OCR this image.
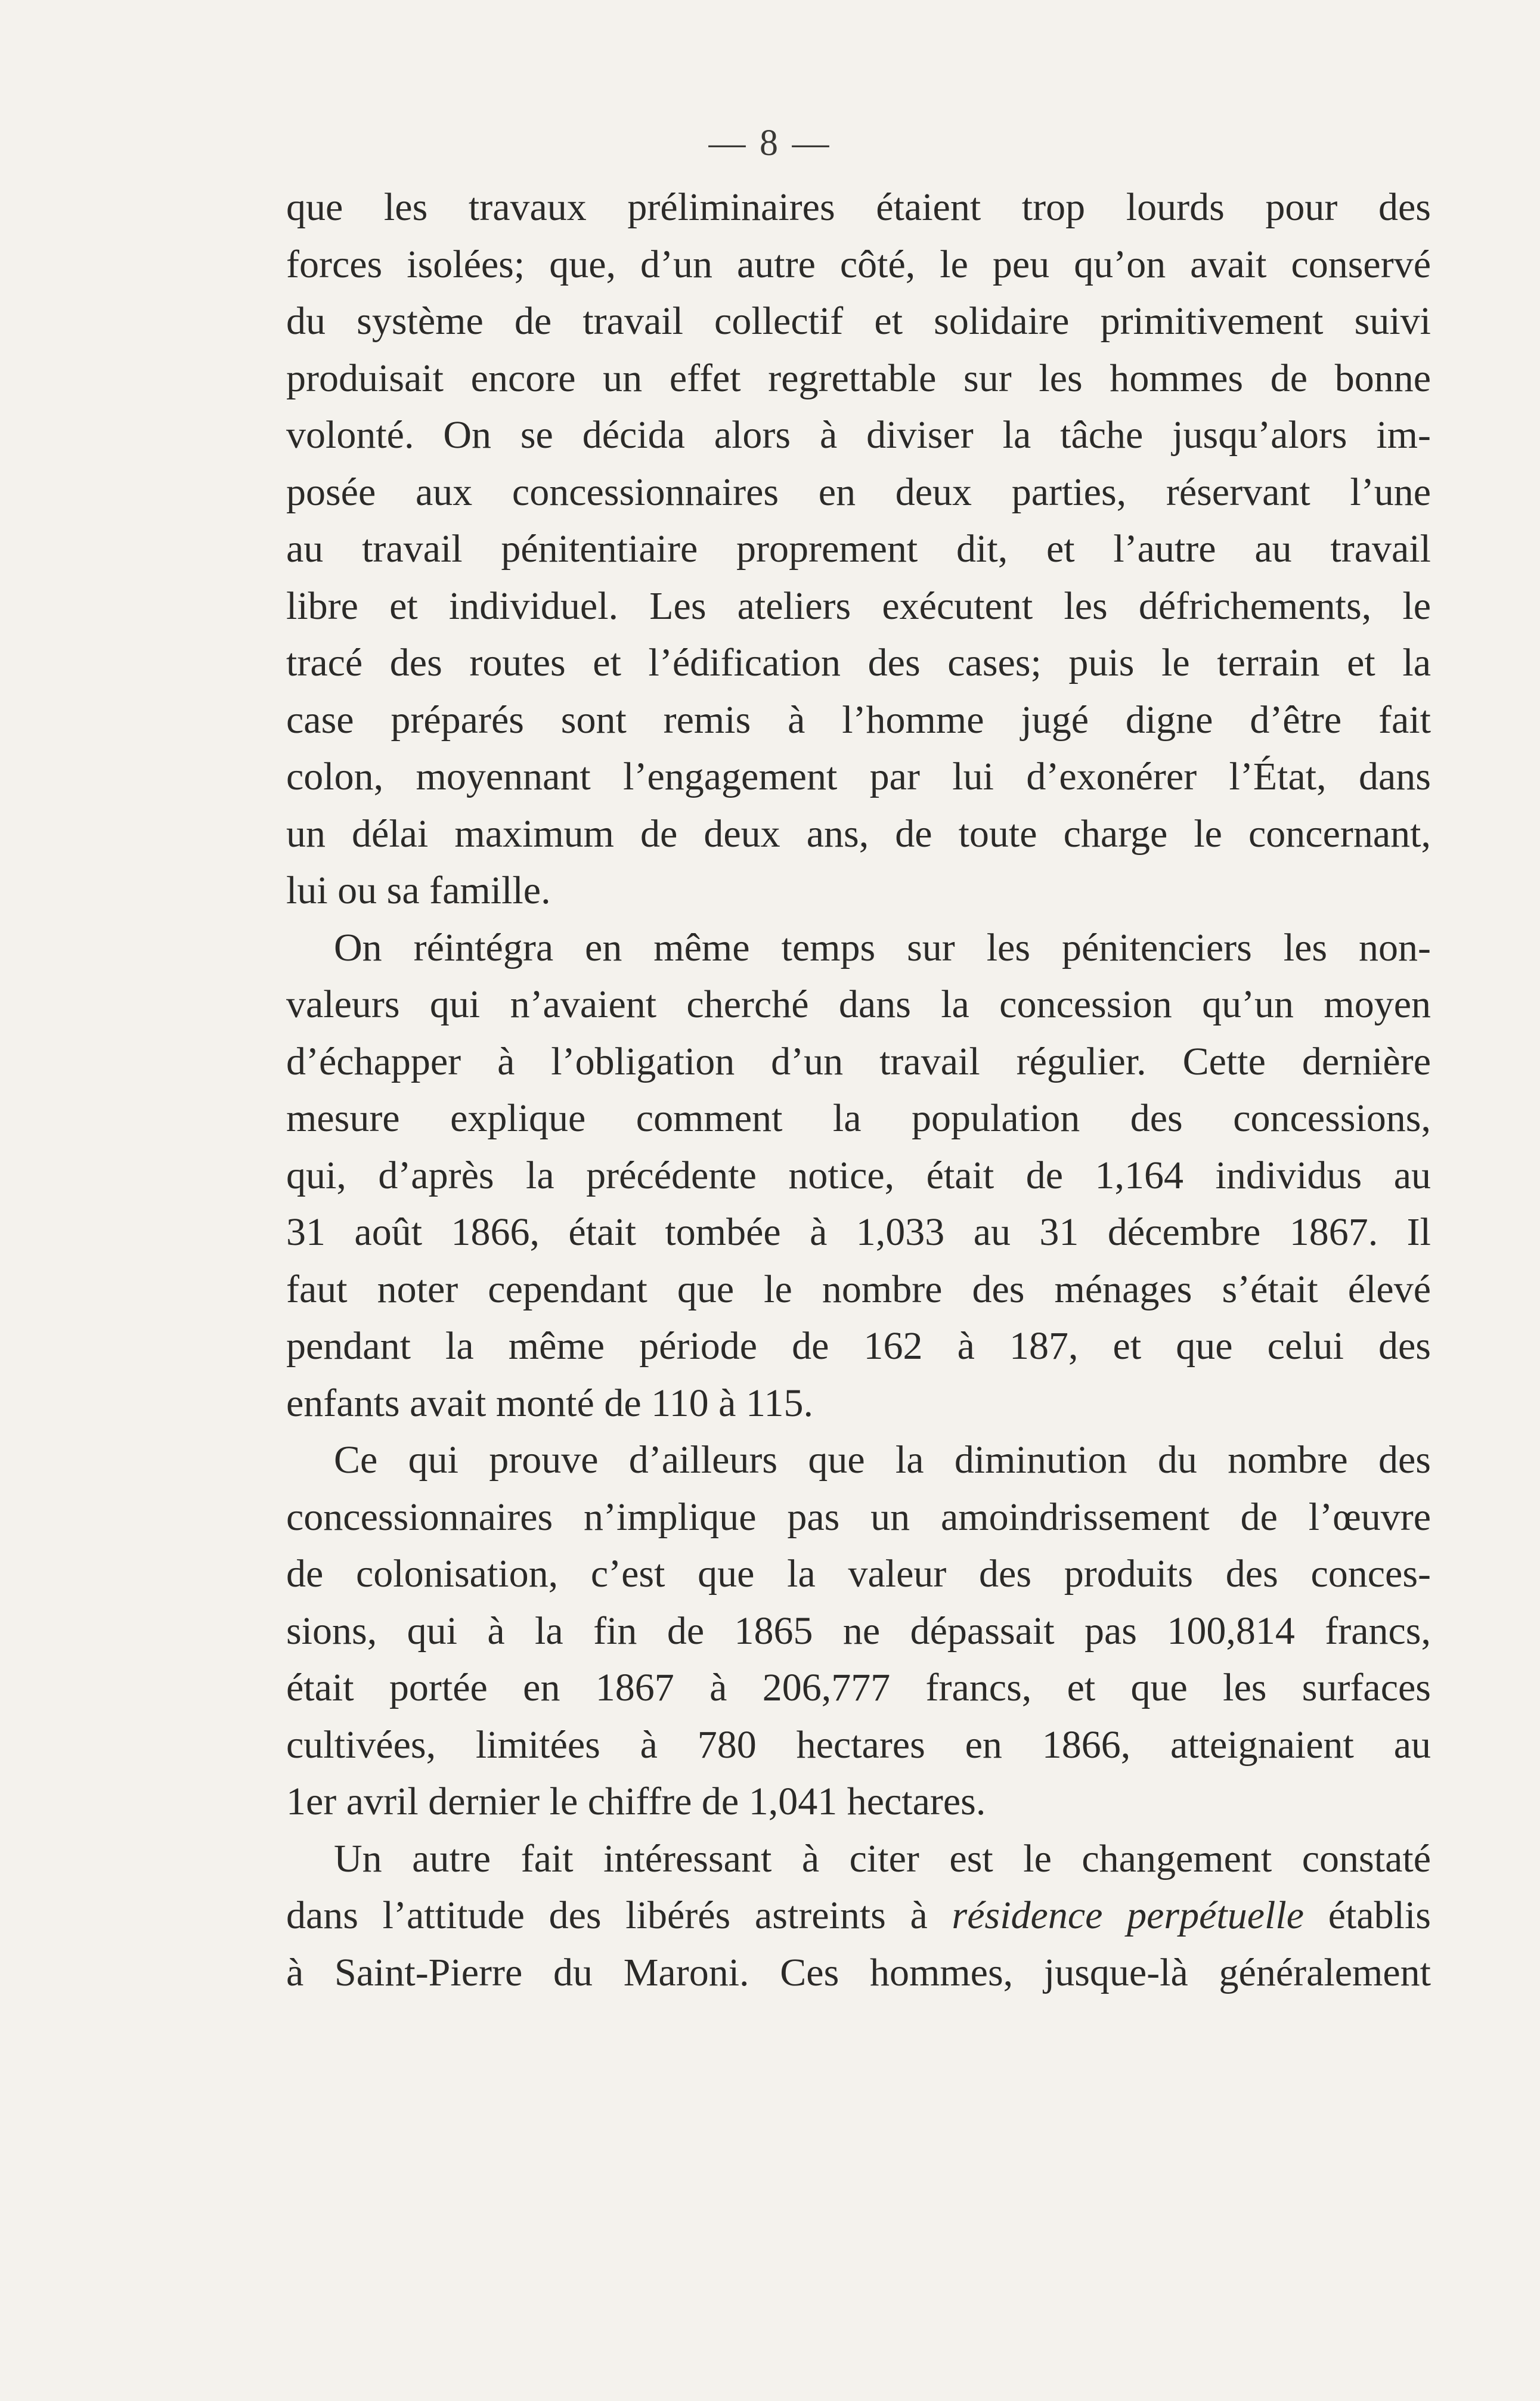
— 8 —

que les travaux préliminaires étaient trop lourds pour des
forces isolées; que, d’un autre côté, le peu qu’on avait conservé
du système de travail collectif et solidaire primitivement suivi
produisait encore un effet regrettable sur les hommes de bonne
volonté. On se décida alors à diviser la tâche jusqu’alors im-
posée aux concessionnaires en deux parties, réservant l’une
au travail pénitentiaire proprement dit, et l’autre au travail
libre et individuel. Les ateliers exécutent les défrichements, le
tracé des routes et l’édification des cases; puis le terrain et la
case préparés sont remis à l’homme jugé digne d’être fait
colon, moyennant l’engagement par lui d’exonérer l’État, dans
un délai maximum de deux ans, de toute charge le concernant,
lui ou sa famille.

On réintégra en même temps sur les pénitenciers les non-
valeurs qui n’avaient cherché dans la concession qu’un moyen
d’échapper à l’obligation d’un travail régulier. Cette dernière
mesure explique comment la population des concessions,
qui, d’après la précédente notice, était de 1,164 individus au
31 août 1866, était tombée à 1,033 au 31 décembre 1867. Il
faut noter cependant que le nombre des ménages s’était élevé
pendant la même période de 162 à 187, et que celui des
enfants avait monté de 110 à 115.

Ce qui prouve d’ailleurs que la diminution du nombre des
concessionnaires n’implique pas un amoindrissement de l’œuvre
de colonisation, c’est que la valeur des produits des conces-
sions, qui à la fin de 1865 ne dépassait pas 100,814 francs,
était portée en 1867 à 206,777 francs, et que les surfaces
cultivées, limitées à 780 hectares en 1866, atteignaient au
1er avril dernier le chiffre de 1,041 hectares.

Un autre fait intéressant à citer est le changement constaté
dans l’attitude des libérés astreints à résidence perpétuelle établis
à Saint-Pierre du Maroni. Ces hommes, jusque-là généralement
